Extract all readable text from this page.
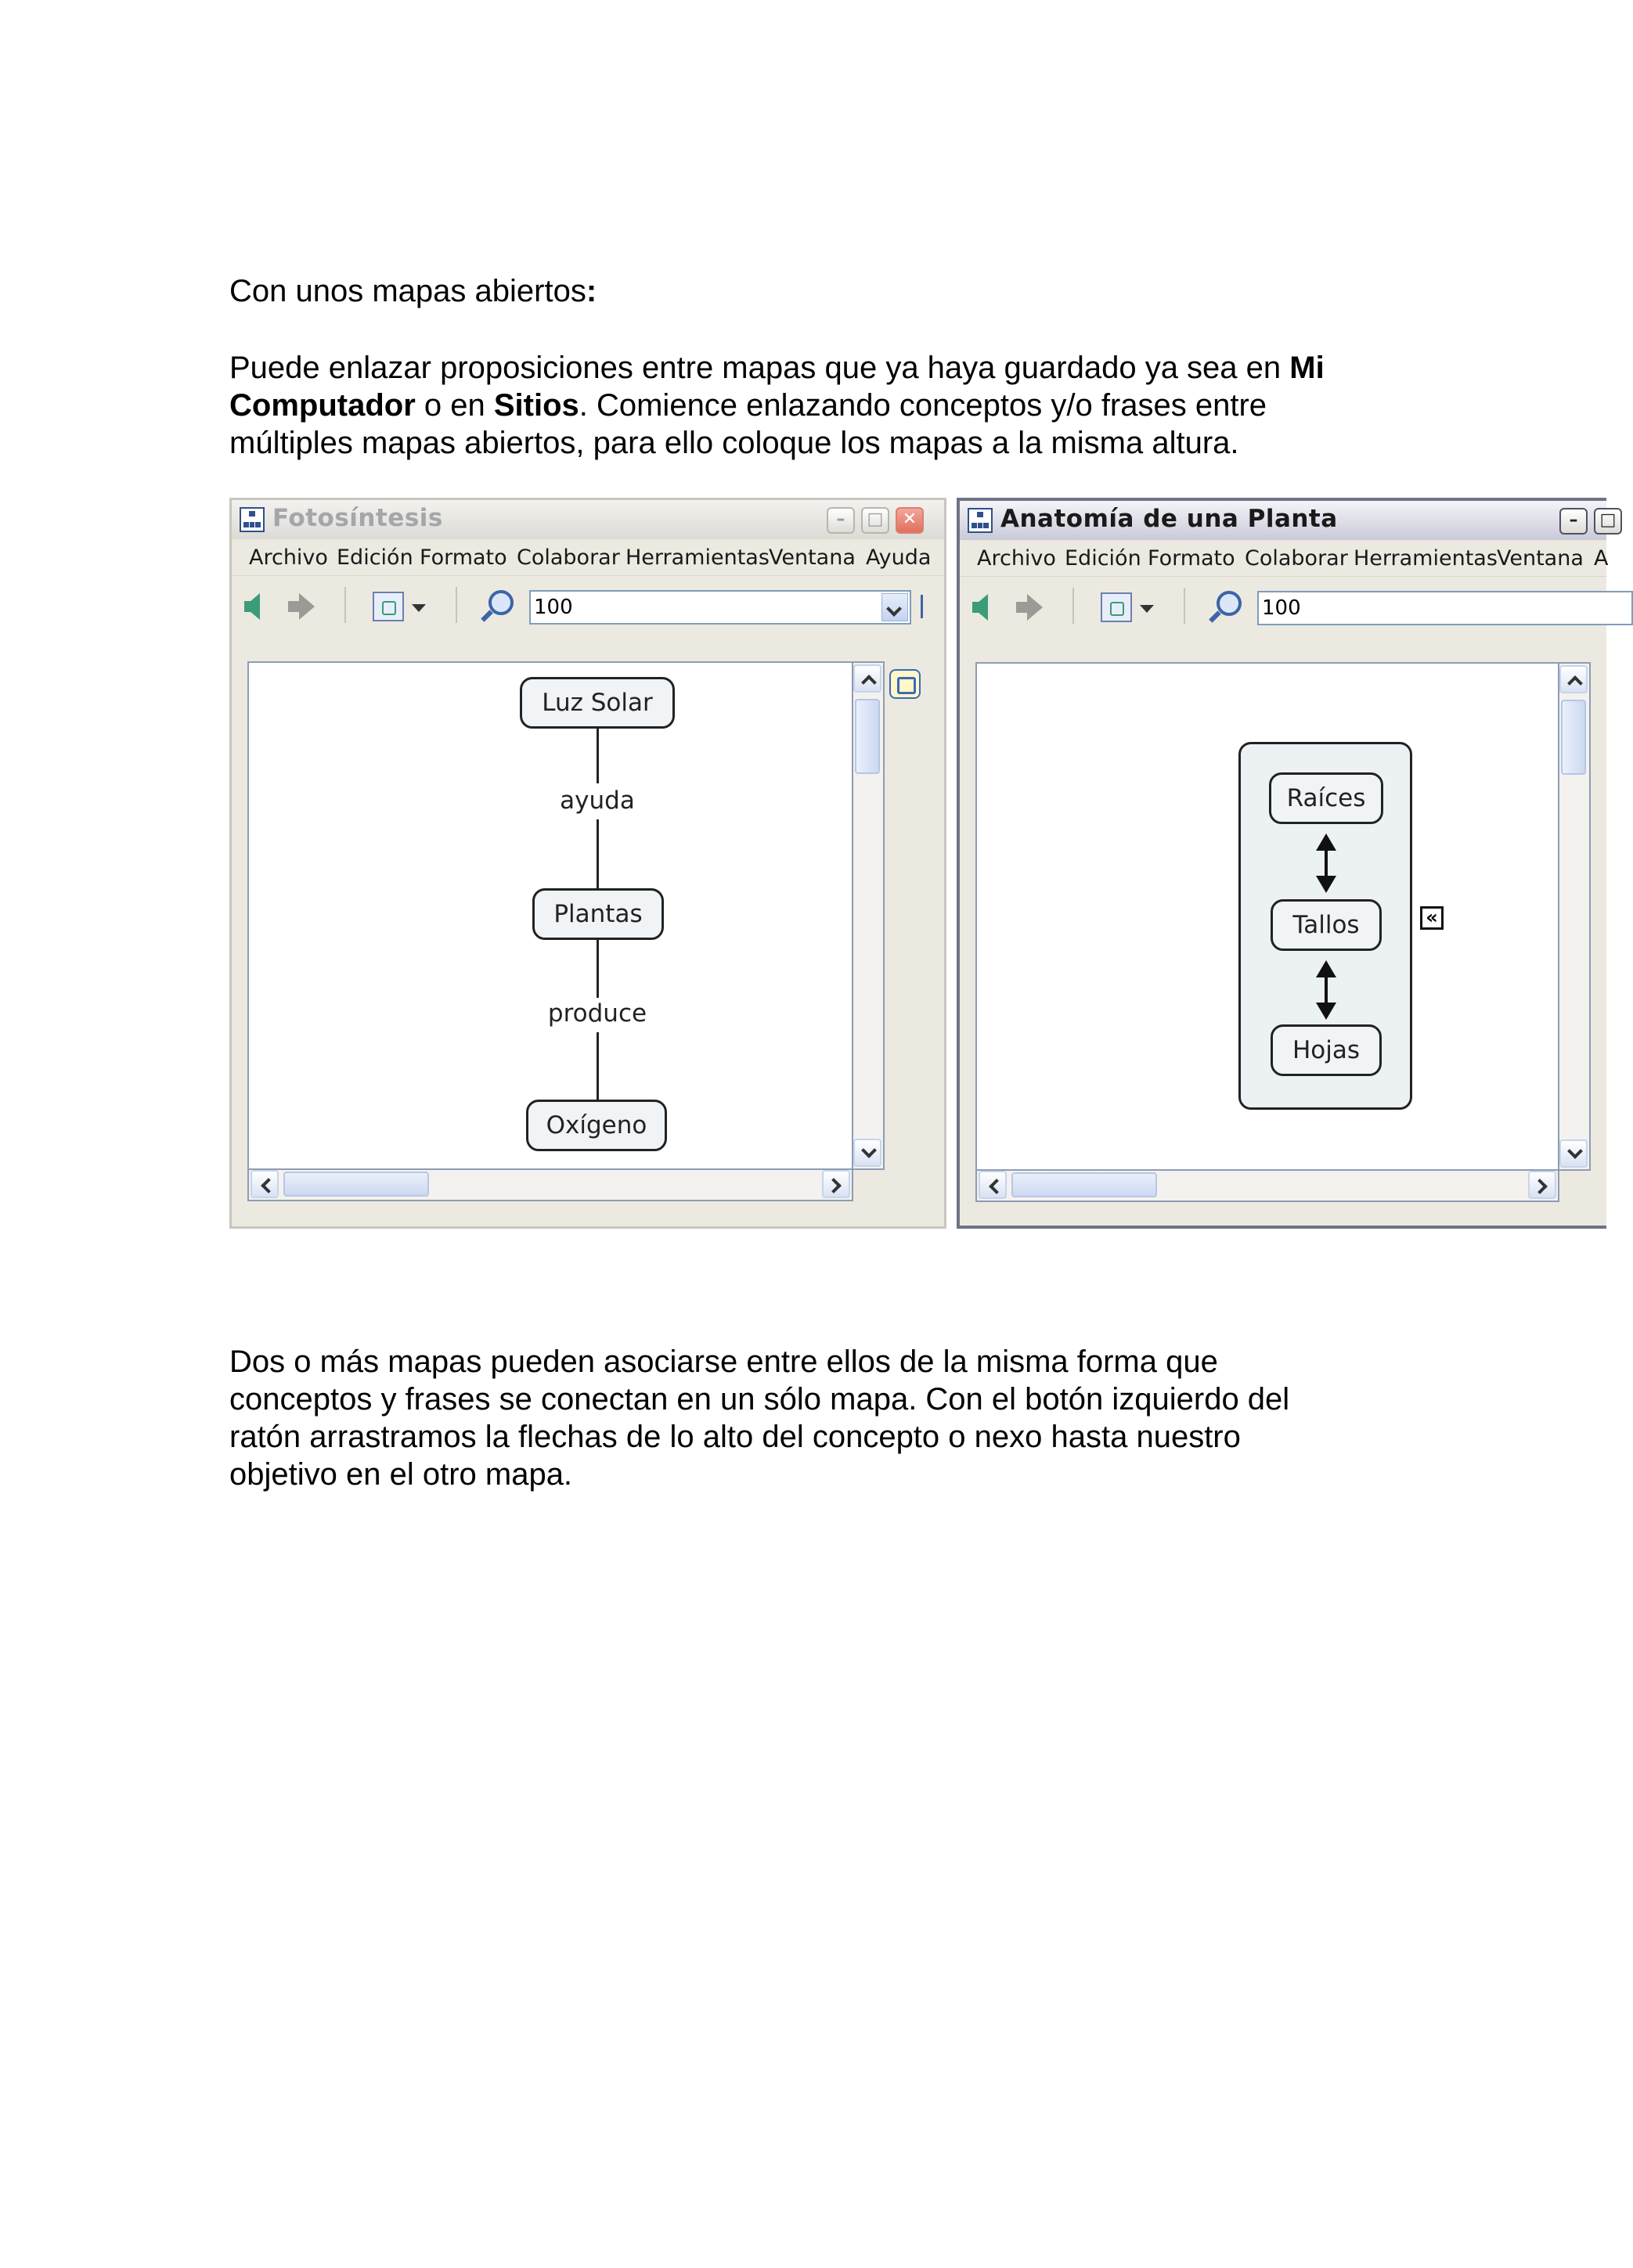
Con unos mapas abiertos:

Puede enlazar proposiciones entre mapas que ya haya guardado ya sea en Mi
Computador o en Sitios. Comience enlazando conceptos y/o frases entre
múltiples mapas abiertos, para ello coloque los mapas a la misma altura.
Fotosíntesis	–	□	✕
Archivo Edición Formato Colaborar Herramientas Ventana Ayuda
100
Luz Solar
ayuda
Plantas
produce
Oxígeno
Anatomía de una Planta	–	□
Archivo Edición Formato Colaborar Herramientas Ventana A
100
Raíces
Tallos
Hojas
«
Dos o más mapas pueden asociarse entre ellos de la misma forma que
conceptos y frases se conectan en un sólo mapa. Con el botón izquierdo del
ratón arrastramos la flechas de lo alto del concepto o nexo hasta nuestro
objetivo en el otro mapa.
